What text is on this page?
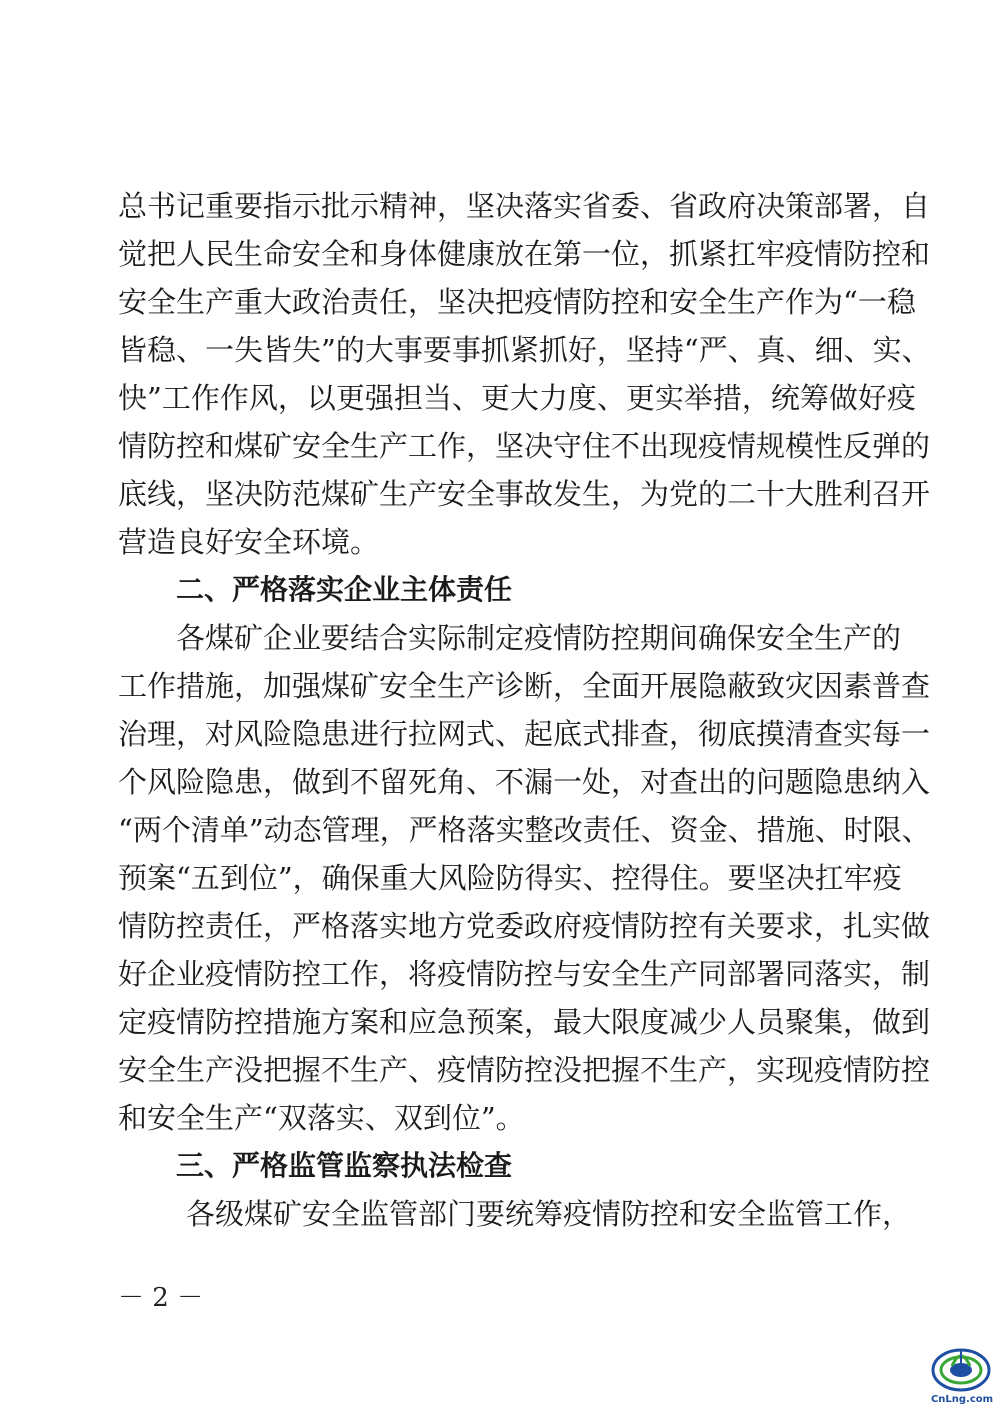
总书记重要指示批示精神，坚决落实省委、省政府决策部署，自
觉把人民生命安全和身体健康放在第一位，抓紧扛牢疫情防控和
安全生产重大政治责任，坚决把疫情防控和安全生产作为“一稳
皆稳、一失皆失”的大事要事抓紧抓好，坚持“严、真、细、实、
快”工作作风，以更强担当、更大力度、更实举措，统筹做好疫
情防控和煤矿安全生产工作，坚决守住不出现疫情规模性反弹的
底线，坚决防范煤矿生产安全事故发生，为党的二十大胜利召开
营造良好安全环境。
二、严格落实企业主体责任
各煤矿企业要结合实际制定疫情防控期间确保安全生产的
工作措施，加强煤矿安全生产诊断，全面开展隐蔽致灾因素普查
治理，对风险隐患进行拉网式、起底式排查，彻底摸清查实每一
个风险隐患，做到不留死角、不漏一处，对查出的问题隐患纳入
“两个清单”动态管理，严格落实整改责任、资金、措施、时限、
预案“五到位”，确保重大风险防得实、控得住。要坚决扛牢疫
情防控责任，严格落实地方党委政府疫情防控有关要求，扎实做
好企业疫情防控工作，将疫情防控与安全生产同部署同落实，制
定疫情防控措施方案和应急预案，最大限度减少人员聚集，做到
安全生产没把握不生产、疫情防控没把握不生产，实现疫情防控
和安全生产“双落实、双到位”。
三、严格监管监察执法检查
各级煤矿安全监管部门要统筹疫情防控和安全监管工作，
－ 2 －
CnLng.com
